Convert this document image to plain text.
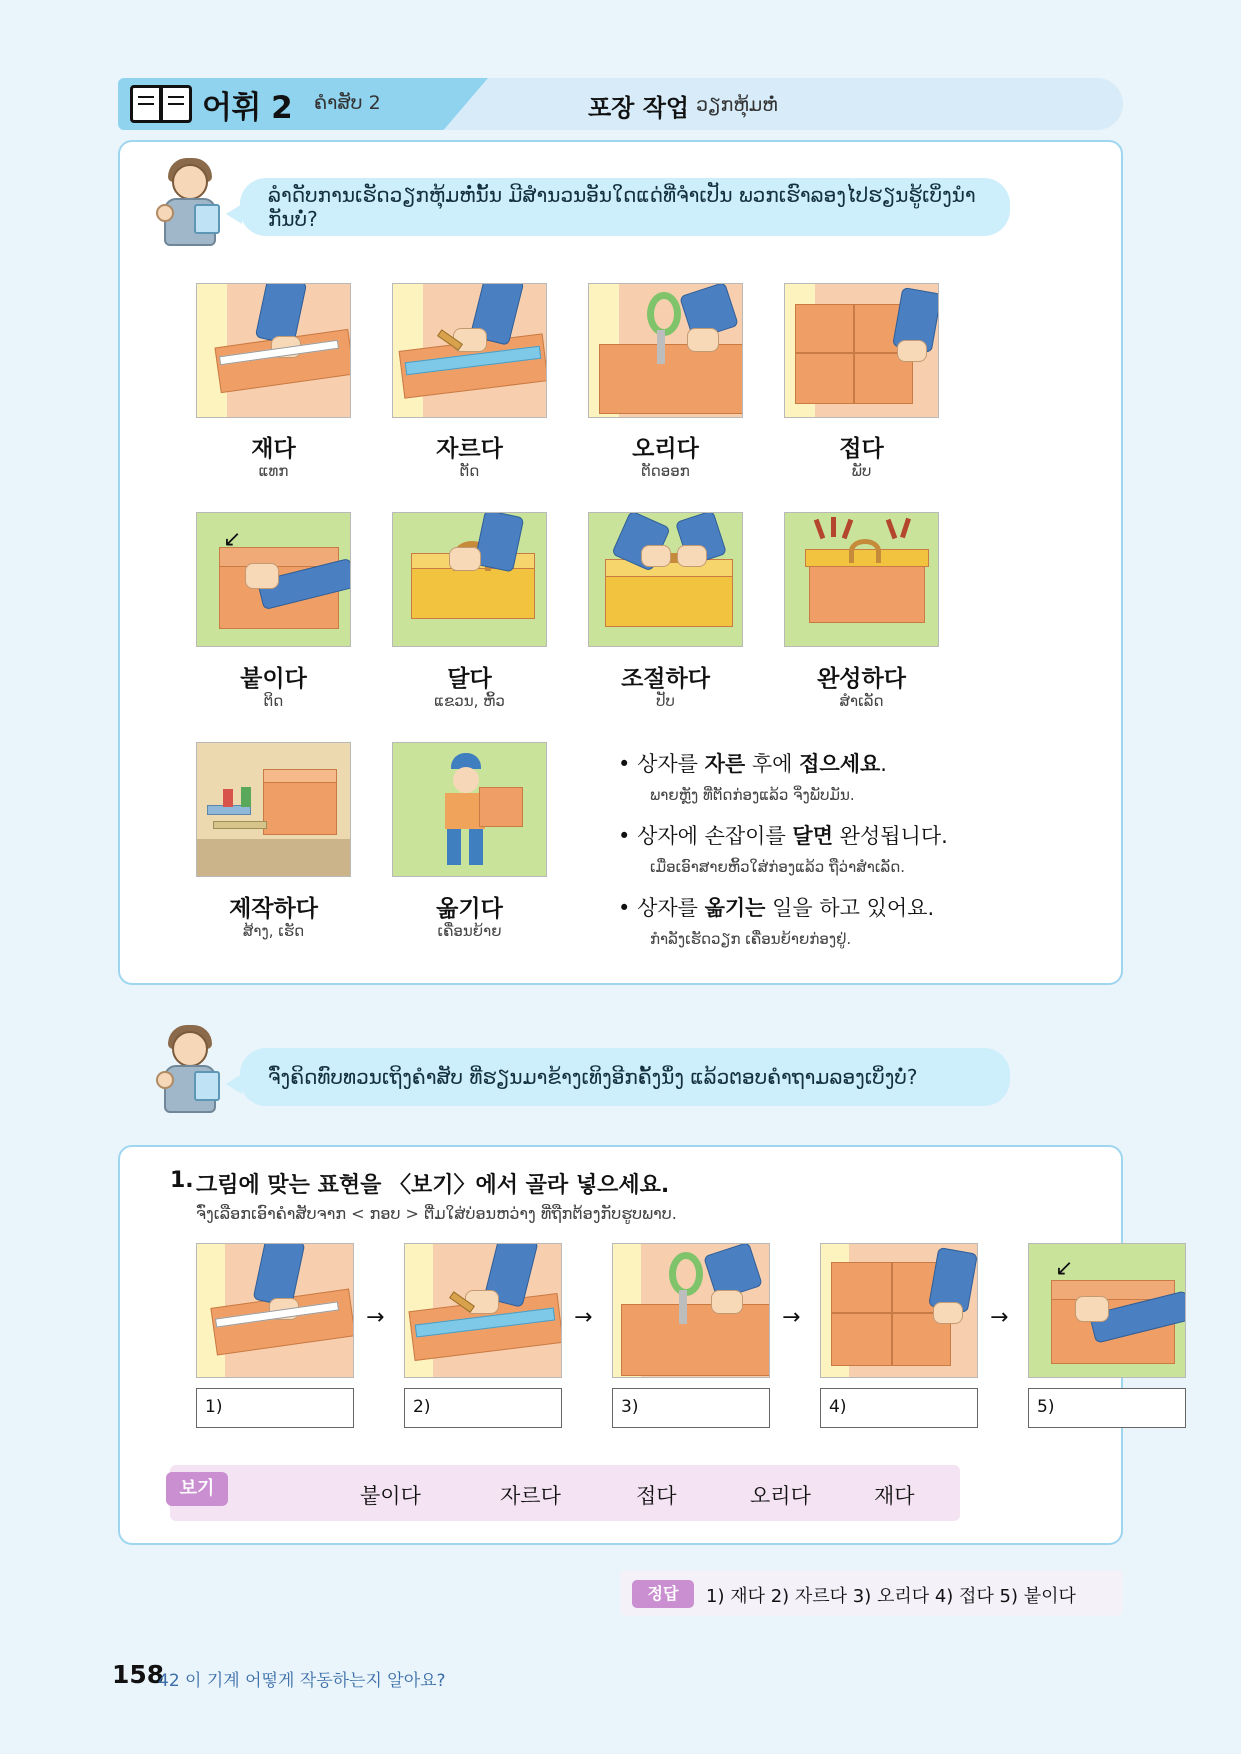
어휘 2 ຄຳສັບ 2	포장 작업 ວຽກຫຸ້ມຫໍ່
ລຳດັບການເຮັດວຽກຫຸ້ມຫໍ່ນັ້ນ ມີສຳນວນອັນໃດແດ່ທີ່ຈຳເປັນ ພວກເຮົາລອງໄປຮຽນຮູ້ເບິ່ງນຳກັນບໍ່?
재다
ແທກ
자르다
ຕັດ
오리다
ຕັດອອກ
접다
ພັບ
↙
붙이다
ຕິດ
달다
ແຂວນ, ຫິ້ວ
조절하다
ປັບ
완성하다
ສຳເລັດ
제작하다
ສ້າງ, ເຮັດ
옮기다
ເຄື່ອນຍ້າຍ
• 상자를 자른 후에 접으세요.
ພາຍຫຼັງ ທີ່ຕັດກ່ອງແລ້ວ ຈິ່ງພັບມັນ.
• 상자에 손잡이를 달면 완성됩니다.
ເມື່ອເອົາສາຍຫິ້ວໃສ່ກ່ອງແລ້ວ ຖືວ່າສຳເລັດ.
• 상자를 옮기는 일을 하고 있어요.
ກຳລັງເຮັດວຽກ ເຄື່ອນຍ້າຍກ່ອງຢູ່.
ຈົ່ງຄິດທົບທວນເຖິງຄຳສັບ ທີ່ຮຽນມາຂ້າງເທິງອີກຄັ້ງນຶ່ງ ແລ້ວຕອບຄຳຖາມລອງເບິ່ງບໍ່?
1. 그림에 맞는 표현을 〈보기〉에서 골라 넣으세요.
ຈົ່ງເລືອກເອົາຄຳສັບຈາກ < ກອບ > ຕື່ມໃສ່ບ່ອນຫວ່າງ ທີ່ຖືກຕ້ອງກັບຮູບພາບ.
↙
→	→	→	→
1)	2)	3)	4)	5)
보기	붙이다	자르다	접다	오리다	재다
정답	1) 재다 2) 자르다 3) 오리다 4) 접다 5) 붙이다
158
42 이 기계 어떻게 작동하는지 알아요?
